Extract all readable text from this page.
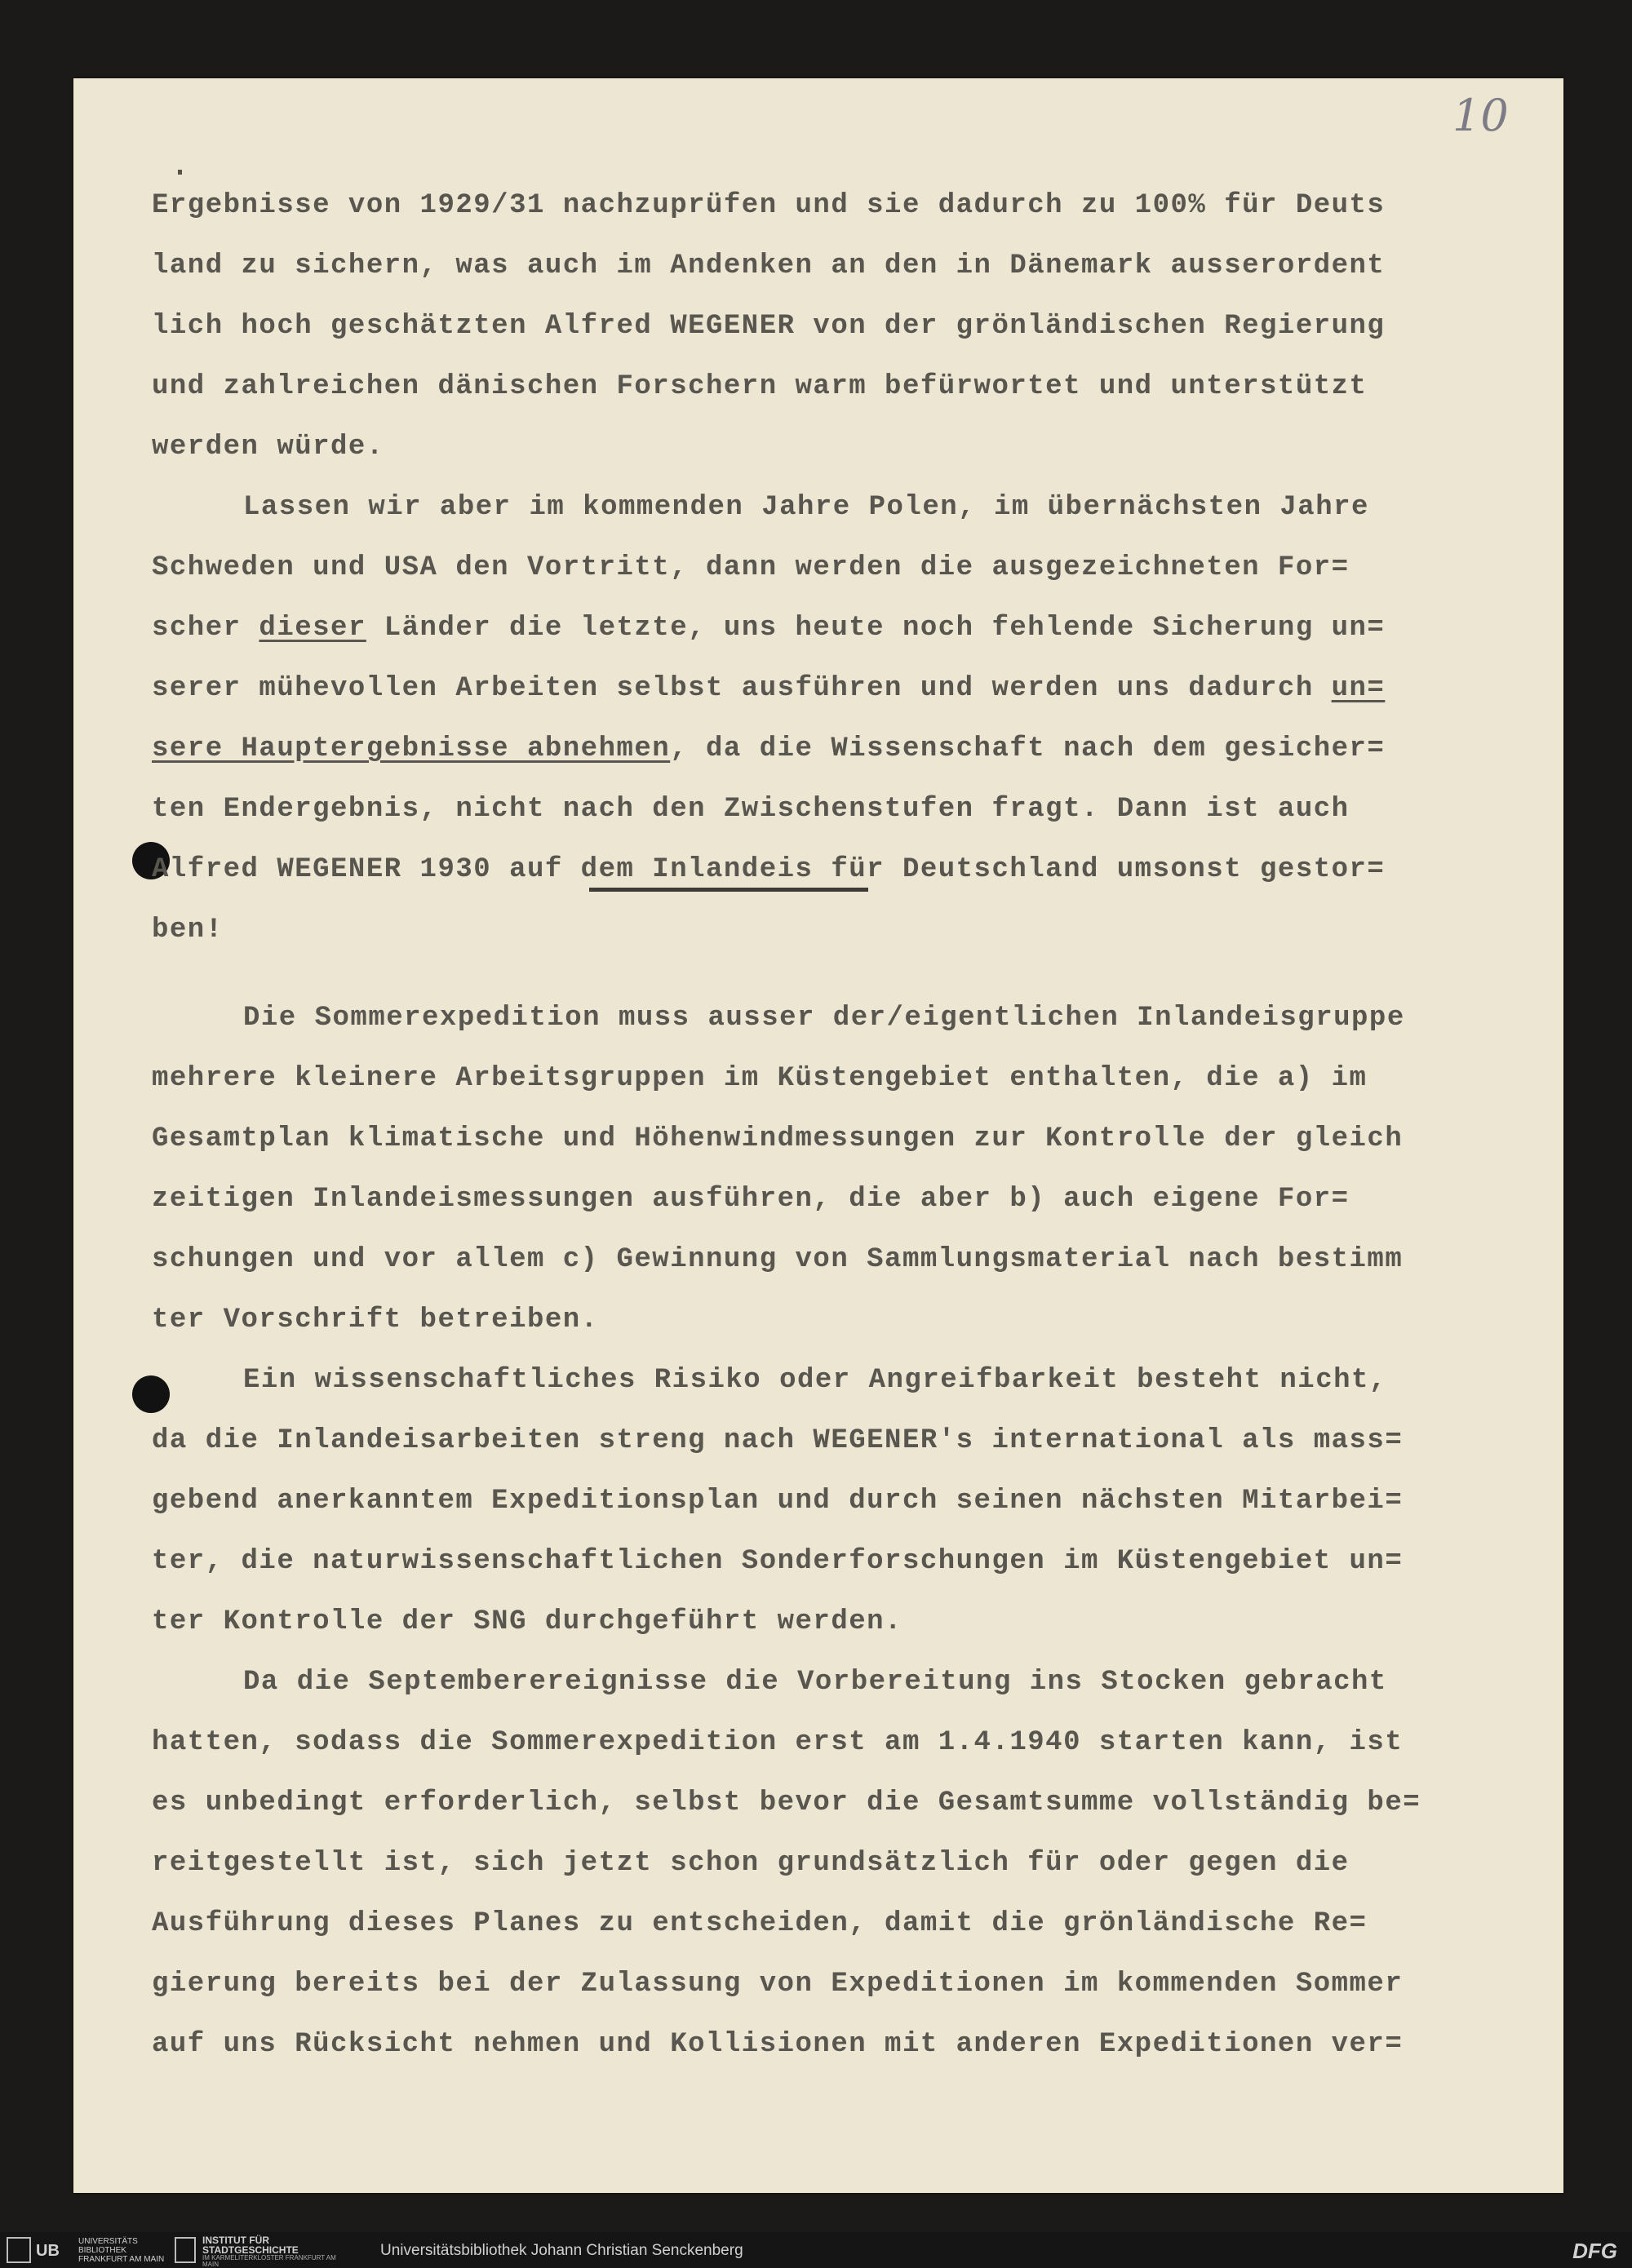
10
Ergebnisse von 1929/31 nachzuprüfen und sie dadurch zu 100% für Deuts
land zu sichern, was auch im Andenken an den in Dänemark ausserordent
lich hoch geschätzten Alfred WEGENER von der grönländischen Regierung
und zahlreichen dänischen Forschern warm befürwortet und unterstützt
werden würde.
Lassen wir aber im kommenden Jahre Polen, im übernächsten Jahre
Schweden und USA den Vortritt, dann werden die ausgezeichneten For=
scher dieser Länder die letzte, uns heute noch fehlende Sicherung un=
serer mühevollen Arbeiten selbst ausführen und werden uns dadurch un=
sere Hauptergebnisse abnehmen, da die Wissenschaft nach dem gesicher=
ten Endergebnis, nicht nach den Zwischenstufen fragt. Dann ist auch
Alfred WEGENER 1930 auf dem Inlandeis für Deutschland umsonst gestor=
ben!
Die Sommerexpedition muss ausser der/eigentlichen Inlandeisgruppe
mehrere kleinere Arbeitsgruppen im Küstengebiet enthalten, die a) im
Gesamtplan klimatische und Höhenwindmessungen zur Kontrolle der gleich
zeitigen Inlandeismessungen ausführen, die aber b) auch eigene For=
schungen und vor allem c) Gewinnung von Sammlungsmaterial nach bestimm
ter Vorschrift betreiben.
Ein wissenschaftliches Risiko oder Angreifbarkeit besteht nicht,
da die Inlandeisarbeiten streng nach WEGENER's international als mass=
gebend anerkanntem Expeditionsplan und durch seinen nächsten Mitarbei=
ter, die naturwissenschaftlichen Sonderforschungen im Küstengebiet un=
ter Kontrolle der SNG durchgeführt werden.
Da die Septemberereignisse die Vorbereitung ins Stocken gebracht
hatten, sodass die Sommerexpedition erst am 1.4.1940 starten kann, ist
es unbedingt erforderlich, selbst bevor die Gesamtsumme vollständig be=
reitgestellt ist, sich jetzt schon grundsätzlich für oder gegen die
Ausführung dieses Planes zu entscheiden, damit die grönländische Re=
gierung bereits bei der Zulassung von Expeditionen im kommenden Sommer
auf uns Rücksicht nehmen und Kollisionen mit anderen Expeditionen ver=
UB
UNIVERSITÄTS BIBLIOTHEK FRANKFURT AM MAIN
INSTITUT FÜR STADTGESCHICHTE
IM KARMELITERKLOSTER FRANKFURT AM MAIN
Universitätsbibliothek Johann Christian Senckenberg	DFG
